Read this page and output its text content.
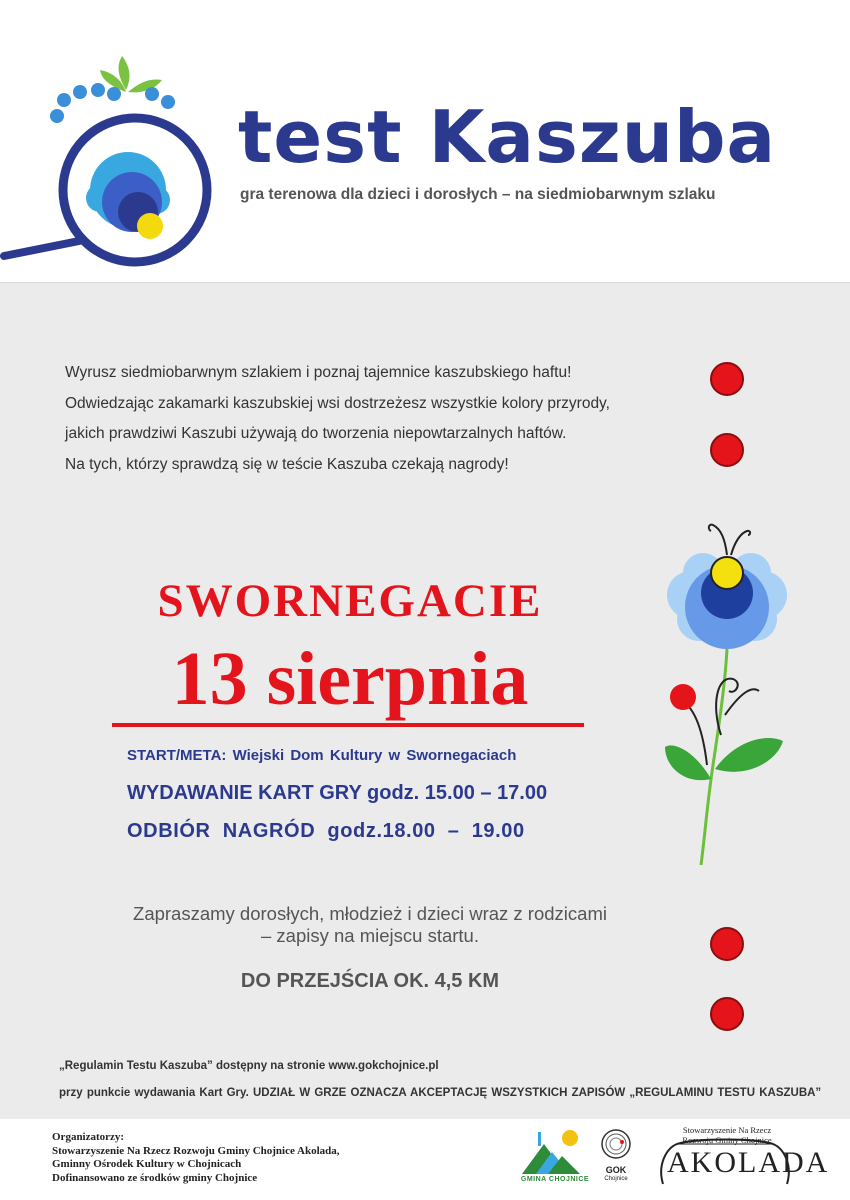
test Kaszuba
gra terenowa dla dzieci i dorosłych – na siedmiobarwnym szlaku

Wyrusz siedmiobarwnym szlakiem i poznaj tajemnice kaszubskiego haftu!

Odwiedzając zakamarki kaszubskiej wsi dostrzeżesz wszystkie kolory przyrody,

jakich prawdziwi Kaszubi używają do tworzenia niepowtarzalnych haftów.

Na tych, którzy sprawdzą się w teście Kaszuba czekają nagrody!

SWORNEGACIE
13 sierpnia
START/META: Wiejski Dom Kultury w Swornegaciach
WYDAWANIE KART GRY godz. 15.00 – 17.00
ODBIÓR NAGRÓD godz.18.00 – 19.00
Zapraszamy dorosłych, młodzież i dzieci wraz z rodzicami
– zapisy na miejscu startu.
DO PRZEJŚCIA OK. 4,5 KM
„Regulamin Testu Kaszuba” dostępny na stronie www.gokchojnice.pl
przy punkcie wydawania Kart Gry. UDZIAŁ W GRZE OZNACZA AKCEPTACJĘ WSZYSTKICH ZAPISÓW „REGULAMINU TESTU KASZUBA”
Organizatorzy:
Stowarzyszenie Na Rzecz Rozwoju Gminy Chojnice Akolada,
Gminny Ośrodek Kultury w Chojnicach
Dofinansowano ze środków gminy Chojnice	GMINA CHOJNICE
GOK
Chojnice
Stowarzyszenie Na Rzecz Rozwoju Gminy Chojnice
AKOLADA
